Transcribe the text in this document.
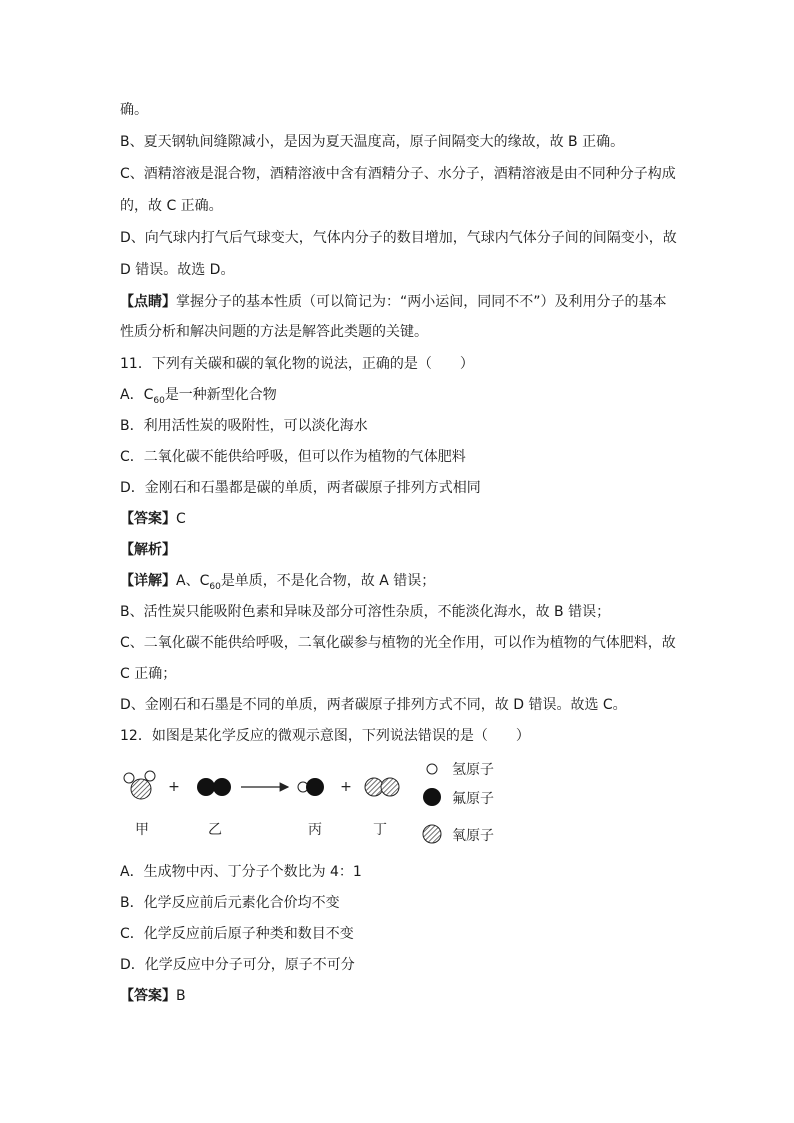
确。
B、夏天钢轨间缝隙减小，是因为夏天温度高，原子间隔变大的缘故，故 B 正确。
C、酒精溶液是混合物，酒精溶液中含有酒精分子、水分子，酒精溶液是由不同种分子构成
的，故 C 正确。
D、向气球内打气后气球变大，气体内分子的数目增加，气球内气体分子间的间隔变小，故
D 错误。故选 D。
【点睛】掌握分子的基本性质（可以简记为：“两小运间，同同不不”）及利用分子的基本
性质分析和解决问题的方法是解答此类题的关键。
11．下列有关碳和碳的氧化物的说法，正确的是（　　）
A．$C_{60}$是一种新型化合物
B．利用活性炭的吸附性，可以淡化海水
C．二氧化碳不能供给呼吸，但可以作为植物的气体肥料
D．金刚石和石墨都是碳的单质，两者碳原子排列方式相同
【答案】C
【解析】
【详解】A、$C_{60}$是单质，不是化合物，故 A 错误；
B、活性炭只能吸附色素和异味及部分可溶性杂质，不能淡化海水，故 B 错误；
C、二氧化碳不能供给呼吸，二氧化碳参与植物的光全作用，可以作为植物的气体肥料，故
C 正确；
D、金刚石和石墨是不同的单质，两者碳原子排列方式不同，故 D 错误。故选 C。
12．如图是某化学反应的微观示意图，下列说法错误的是（　　）
+	+
甲	乙	丙	丁
氢原子
氟原子
氧原子
A．生成物中丙、丁分子个数比为 4：1
B．化学反应前后元素化合价均不变
C．化学反应前后原子种类和数目不变
D．化学反应中分子可分，原子不可分
【答案】B
